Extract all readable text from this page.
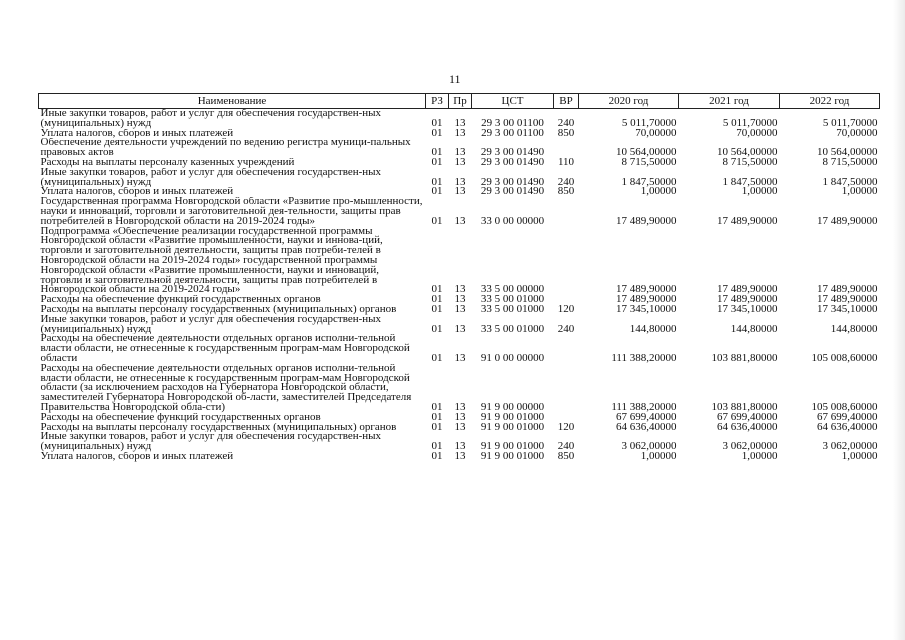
11
Наименование	РЗ	Пр	ЦСТ	ВР	2020 год	2021 год	2022 год
Иные закупки товаров, работ и услуг для обеспечения государствен-ных (муниципальных) нужд	01	13	29 3 00 01100	240	5 011,70000	5 011,70000	5 011,70000
Уплата налогов, сборов и иных платежей	01	13	29 3 00 01100	850	70,00000	70,00000	70,00000
Обеспечение деятельности учреждений по ведению регистра муници-пальных правовых актов	01	13	29 3 00 01490		10 564,00000	10 564,00000	10 564,00000
Расходы на выплаты персоналу казенных учреждений	01	13	29 3 00 01490	110	8 715,50000	8 715,50000	8 715,50000
Иные закупки товаров, работ и услуг для обеспечения государствен-ных (муниципальных) нужд	01	13	29 3 00 01490	240	1 847,50000	1 847,50000	1 847,50000
Уплата налогов, сборов и иных платежей	01	13	29 3 00 01490	850	1,00000	1,00000	1,00000
Государственная программа Новгородской области «Развитие про-мышленности, науки и инноваций, торговли и заготовительной дея-тельности, защиты прав потребителей в Новгородской области на 2019-2024 годы»	01	13	33 0 00 00000		17 489,90000	17 489,90000	17 489,90000
Подпрограмма «Обеспечение реализации государственной программы Новгородской области «Развитие промышленности, науки и иннова-ций, торговли и заготовительной деятельности, защиты прав потреби-телей в Новгородской области на 2019-2024 годы» государственной программы Новгородской области «Развитие промышленности, науки и инноваций, торговли и заготовительной деятельности, защиты прав потребителей в Новгородской области на 2019-2024 годы»	01	13	33 5 00 00000		17 489,90000	17 489,90000	17 489,90000
Расходы на обеспечение функций государственных органов	01	13	33 5 00 01000		17 489,90000	17 489,90000	17 489,90000
Расходы на выплаты персоналу государственных (муниципальных) органов	01	13	33 5 00 01000	120	17 345,10000	17 345,10000	17 345,10000
Иные закупки товаров, работ и услуг для обеспечения государствен-ных (муниципальных) нужд	01	13	33 5 00 01000	240	144,80000	144,80000	144,80000
Расходы на обеспечение деятельности отдельных органов исполни-тельной власти области, не отнесенные к государственным програм-мам Новгородской области	01	13	91 0 00 00000		111 388,20000	103 881,80000	105 008,60000
Расходы на обеспечение деятельности отдельных органов исполни-тельной власти области, не отнесенные к государственным програм-мам Новгородской области (за исключением расходов на Губернатора Новгородской области, заместителей Губернатора Новгородской об-ласти, заместителей Председателя Правительства Новгородской обла-сти)	01	13	91 9 00 00000		111 388,20000	103 881,80000	105 008,60000
Расходы на обеспечение функций государственных органов	01	13	91 9 00 01000		67 699,40000	67 699,40000	67 699,40000
Расходы на выплаты персоналу государственных (муниципальных) органов	01	13	91 9 00 01000	120	64 636,40000	64 636,40000	64 636,40000
Иные закупки товаров, работ и услуг для обеспечения государствен-ных (муниципальных) нужд	01	13	91 9 00 01000	240	3 062,00000	3 062,00000	3 062,00000
Уплата налогов, сборов и иных платежей	01	13	91 9 00 01000	850	1,00000	1,00000	1,00000
